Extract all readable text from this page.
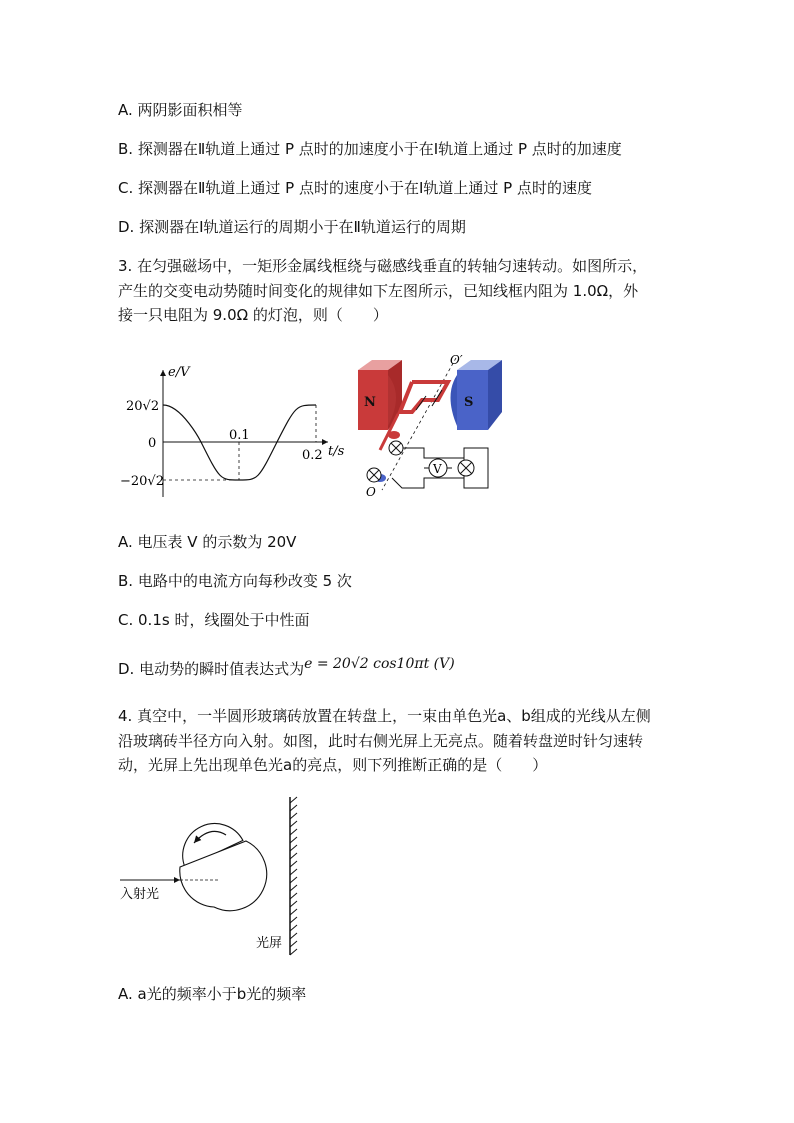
A. 两阴影面积相等
B. 探测器在Ⅱ轨道上通过 P 点时的加速度小于在Ⅰ轨道上通过 P 点时的加速度
C. 探测器在Ⅱ轨道上通过 P 点时的速度小于在Ⅰ轨道上通过 P 点时的速度
D. 探测器在Ⅰ轨道运行的周期小于在Ⅱ轨道运行的周期
3. 在匀强磁场中，一矩形金属线框绕与磁感线垂直的转轴匀速转动。如图所示，
产生的交变电动势随时间变化的规律如下左图所示，已知线框内阻为 1.0Ω，外
接一只电阻为 9.0Ω 的灯泡，则（　　）
e/V
t/s
0
20√2
−20√2
0.1
0.2
N	S
O′
O
V
A. 电压表 V 的示数为 20V
B. 电路中的电流方向每秒改变 5 次
C. 0.1s 时，线圈处于中性面
D. 电动势的瞬时值表达式为e = 20√2 cos10πt (V)
4. 真空中，一半圆形玻璃砖放置在转盘上，一束由单色光a、b组成的光线从左侧
沿玻璃砖半径方向入射。如图，此时右侧光屏上无亮点。随着转盘逆时针匀速转
动，光屏上先出现单色光a的亮点，则下列推断正确的是（　　）
入射光
光屏
A. a光的频率小于b光的频率
